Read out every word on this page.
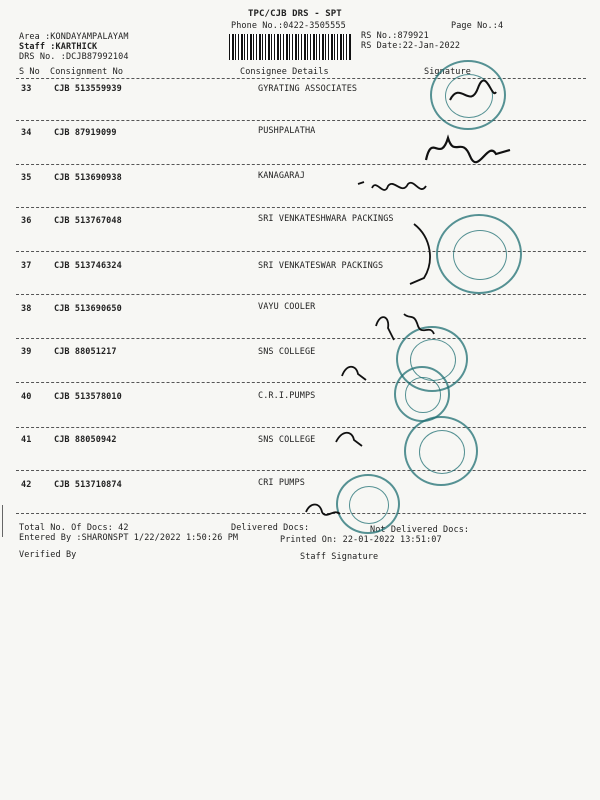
TPC/CJB DRS - SPT
Phone No.:0422-3505555	Page No.:4
Area :KONDAYAMPALAYAM
Staff :KARTHICK
DRS No. :DCJB87992104
RS No.:879921
RS Date:22-Jan-2022
S No Consignment No	Consignee Details	Signature
33	CJB 513559939	GYRATING ASSOCIATES
34	CJB 87919099	PUSHPALATHA
35	CJB 513690938	KANAGARAJ
36	CJB 513767048	SRI VENKATESHWARA PACKINGS
37	CJB 513746324	SRI VENKATESWAR PACKINGS
38	CJB 513690650	VAYU COOLER
39	CJB 88051217	SNS COLLEGE
40	CJB 513578010	C.R.I.PUMPS
41	CJB 88050942	SNS COLLEGE
42	CJB 513710874	CRI PUMPS
Total No. Of Docs: 42	Delivered Docs:	Not Delivered Docs:
Entered By :SHARONSPT 1/22/2022 1:50:26 PM	Printed On: 22-01-2022 13:51:07
Verified By	Staff Signature
